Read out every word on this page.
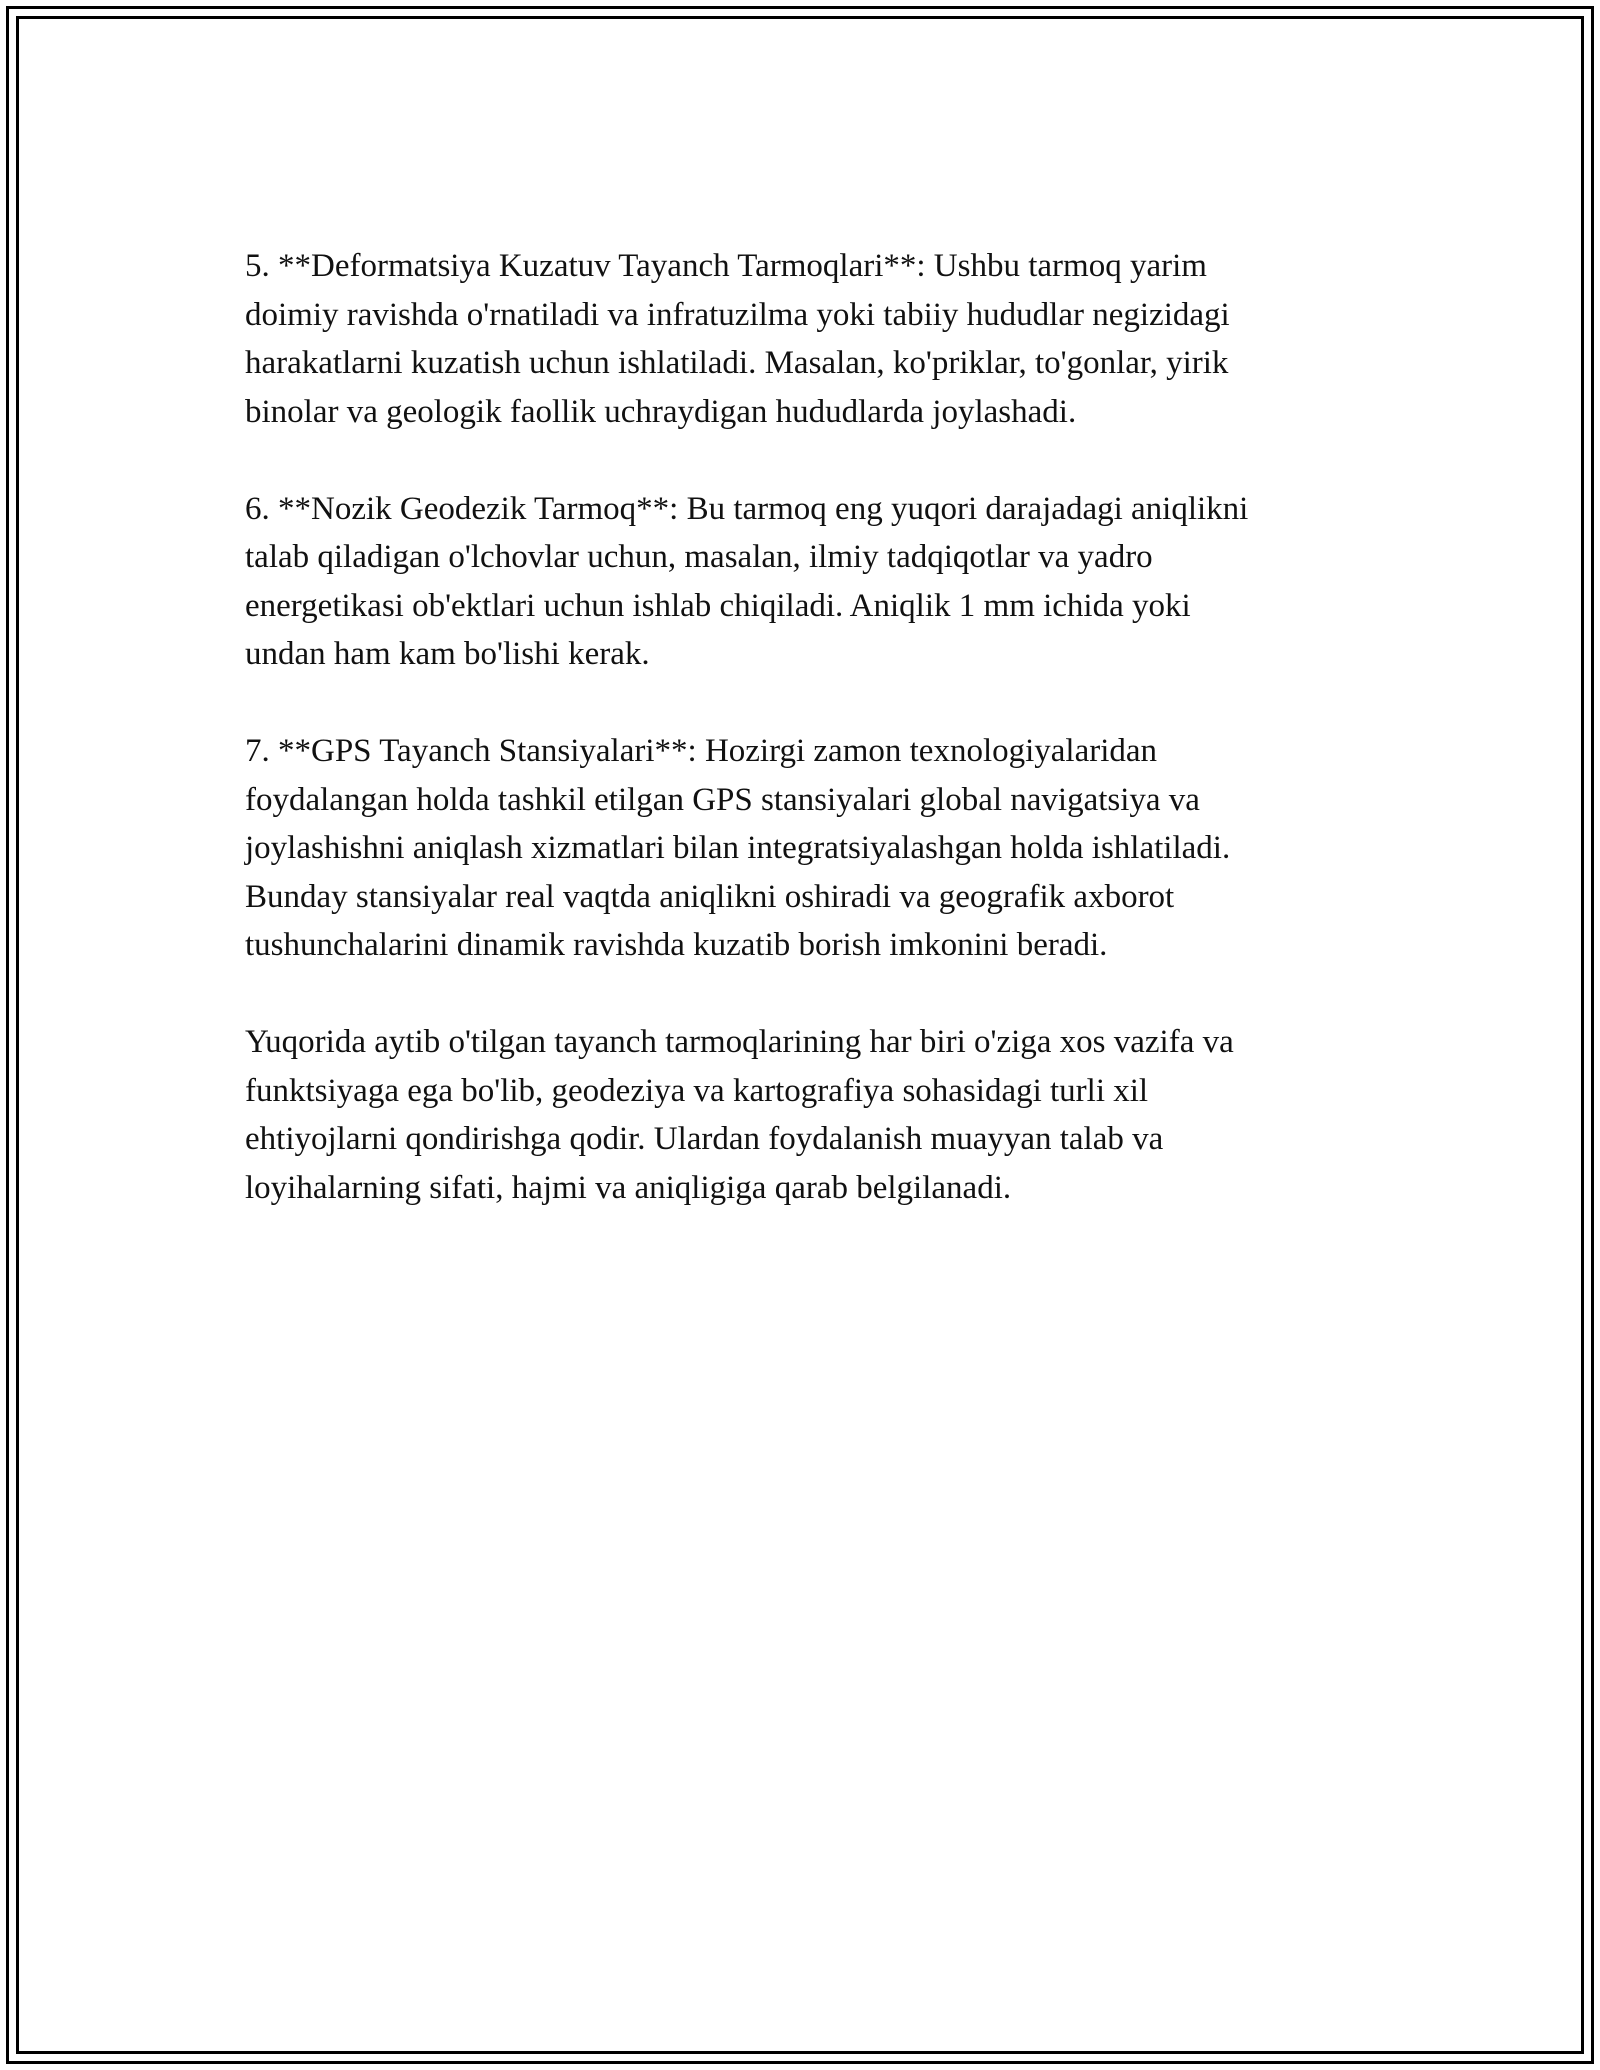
5. **Deformatsiya Kuzatuv Tayanch Tarmoqlari**: Ushbu tarmoq yarim
doimiy ravishda o'rnatiladi va infratuzilma yoki tabiiy hududlar negizidagi
harakatlarni kuzatish uchun ishlatiladi. Masalan, ko'priklar, to'gonlar, yirik
binolar va geologik faollik uchraydigan hududlarda joylashadi.

6. **Nozik Geodezik Tarmoq**: Bu tarmoq eng yuqori darajadagi aniqlikni
talab qiladigan o'lchovlar uchun, masalan, ilmiy tadqiqotlar va yadro
energetikasi ob'ektlari uchun ishlab chiqiladi. Aniqlik 1 mm ichida yoki
undan ham kam bo'lishi kerak.

7. **GPS Tayanch Stansiyalari**: Hozirgi zamon texnologiyalaridan
foydalangan holda tashkil etilgan GPS stansiyalari global navigatsiya va
joylashishni aniqlash xizmatlari bilan integratsiyalashgan holda ishlatiladi.
Bunday stansiyalar real vaqtda aniqlikni oshiradi va geografik axborot
tushunchalarini dinamik ravishda kuzatib borish imkonini beradi.

Yuqorida aytib o'tilgan tayanch tarmoqlarining har biri o'ziga xos vazifa va
funktsiyaga ega bo'lib, geodeziya va kartografiya sohasidagi turli xil
ehtiyojlarni qondirishga qodir. Ulardan foydalanish muayyan talab va
loyihalarning sifati, hajmi va aniqligiga qarab belgilanadi.
